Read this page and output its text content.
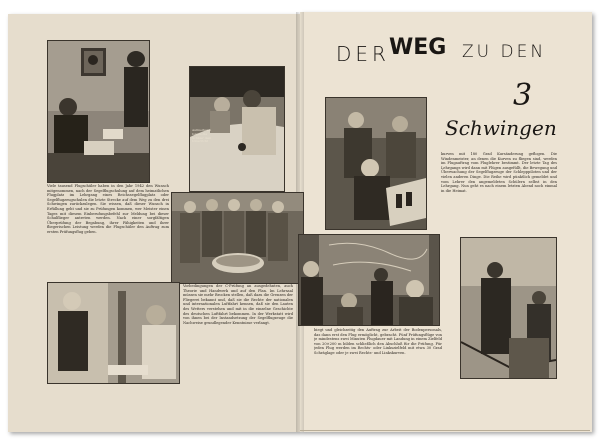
Aufmerksam folgen die Schüler dem Unterricht
Viele tausend Flugschüler haben in den Jahr 1942 den Wunsch mitgenommen, nach der Segelflugschulung auf dem heimatlichen Flugplatz im Lehrgang eines Reichssegelflugplatz oder Segelflugzeugschulen die letzte Strecke auf dem Weg zu den drei Schwingen zurückzulegen. Sie wissen, daß dieser Wunsch in Erfüllung geht und sie zu Prüfungen kommen, wer Meister einen Tages mit diesem Einberufungsbefehl zur Meldung bei dieser Schulflieger antreten werden. Nach einer sorgfältigen Überprüfung der Begabung, ihrer Fähigkeiten und ihrer fliegerischen Leistung werden die Flugschüler den Auftrag zum ersten Prüfungsflug geben.
Vorbedingungen der C-Prüfung an ausgedehnten, auch Theorie und Handwerk und auf den Plan. Im Lehrsaal müssen sie mehr Brocken stellen, daß dazu die Grenzen der Fliegerei bekannt und, daß sie die Rechte der nationalen und internationalen Luftfahrt kennen, daß sie den Lauten des Wetters verstehen und mit in die einzelne Geschichte des deutschen Luftfahrt bekommen. In der Werkstatt wird von ihnen bei der Instandsetzung der Segelflugzeuge die Nachweise grundlegender Kenntnisse verlangt.
DER WEG ZU DEN
3
Schwingen
kurven mit 180 Grad Kursänderung geflogen. Die Windenmeister, an denen die Kurven zu fliegen sind, werden im Flugauftrag vom Fluglehrer bestimmt. Der letzte Tag des Lehrgangs wird dann mit Flügen ausgefüllt, die Bewegung und Überwachung der Segelflugzeuge der Schlepppiloten und der vielen anderen Dinge. Die Reihe wird pünktlich gemeldet und vom Lehrer den angemeldeten Schülern selbst in den Lehrgang. Nun geht es nach einem letzten Abend noch einmal in die Heimat.
biegt und gleichzeitig den Auftrag zur Arbeit der Bodenpersonals, das dann erst den Flug ermöglicht, gebracht. Fünf Prüfungsflüge von je mindestens zwei Minuten Flugdauer mit Landung in einem Zielfeld von 20×200 m bilden schließlich den Abschluß für die Prüfung. Für jeden Flug werden im Rechts- oder Linkszielfeld mit etwa 30 Grad Schräglage oder je zwei Rechts- und Linkskurven.
